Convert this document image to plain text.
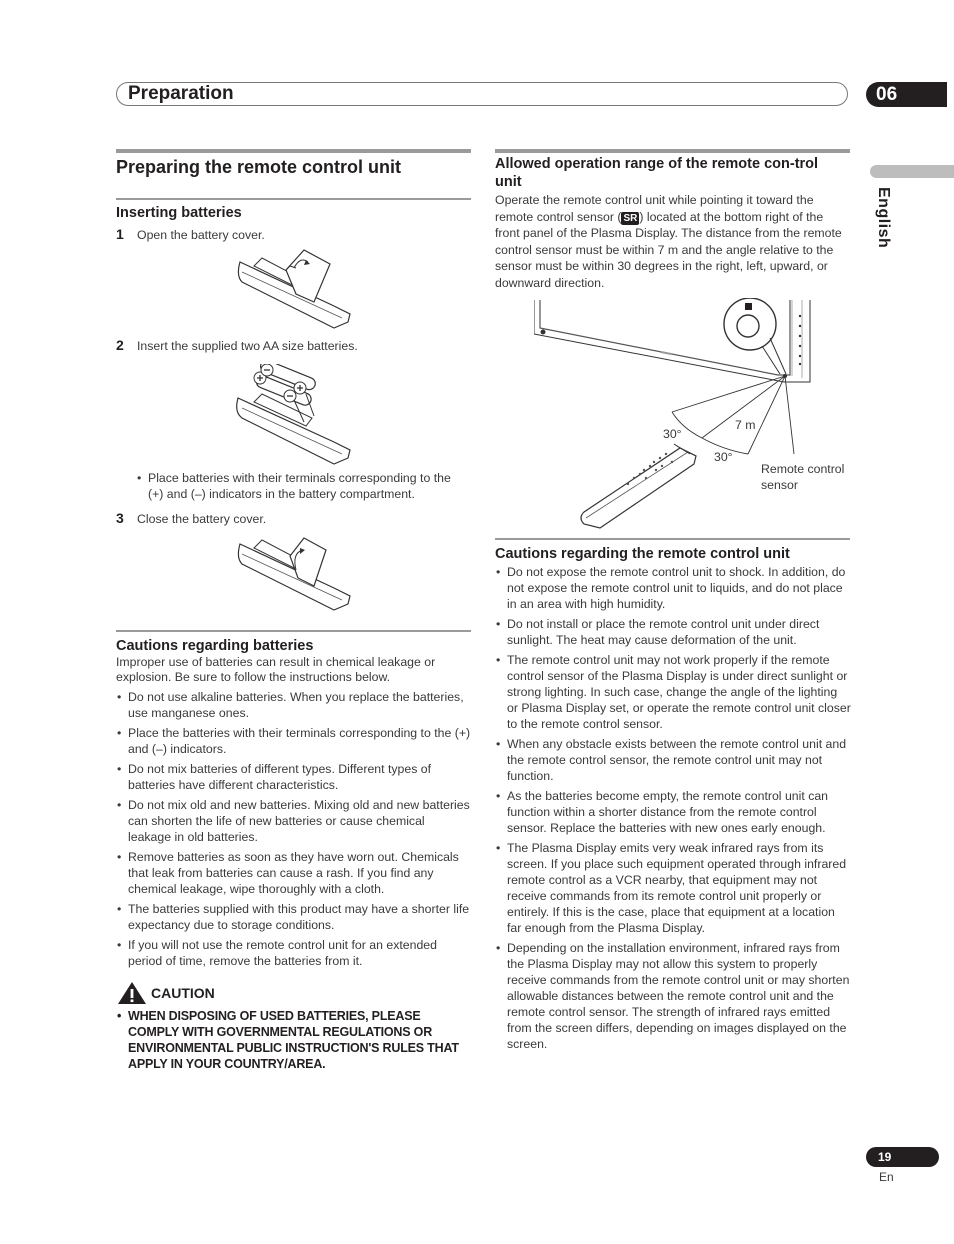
Preparation	06
English
Preparing the remote control unit
Inserting batteries
1 Open the battery cover.
2 Insert the supplied two AA size batteries.
• Place batteries with their terminals corresponding to the (+) and (–) indicators in the battery compartment.
3 Close the battery cover.
Cautions regarding batteries
Improper use of batteries can result in chemical leakage or explosion. Be sure to follow the instructions below.
• Do not use alkaline batteries. When you replace the batteries, use manganese ones.
• Place the batteries with their terminals corresponding to the (+) and (–) indicators.
• Do not mix batteries of different types. Different types of batteries have different characteristics.
• Do not mix old and new batteries. Mixing old and new batteries can shorten the life of new batteries or cause chemical leakage in old batteries.
• Remove batteries as soon as they have worn out. Chemicals that leak from batteries can cause a rash. If you find any chemical leakage, wipe thoroughly with a cloth.
• The batteries supplied with this product may have a shorter life expectancy due to storage conditions.
• If you will not use the remote control unit for an extended period of time, remove the batteries from it.
CAUTION
• WHEN DISPOSING OF USED BATTERIES, PLEASE COMPLY WITH GOVERNMENTAL REGULATIONS OR ENVIRONMENTAL PUBLIC INSTRUCTION'S RULES THAT APPLY IN YOUR COUNTRY/AREA.
Allowed operation range of the remote con-trol unit
Operate the remote control unit while pointing it toward the remote control sensor ( SR ) located at the bottom right of the front panel of the Plasma Display. The distance from the remote control sensor must be within 7 m and the angle relative to the sensor must be within 30 degrees in the right, left, upward, or downward direction.
30°
7 m
30°
Remote control sensor
Cautions regarding the remote control unit
• Do not expose the remote control unit to shock. In addition, do not expose the remote control unit to liquids, and do not place in an area with high humidity.
• Do not install or place the remote control unit under direct sunlight. The heat may cause deformation of the unit.
• The remote control unit may not work properly if the remote control sensor of the Plasma Display is under direct sunlight or strong lighting. In such case, change the angle of the lighting or Plasma Display set, or operate the remote control unit closer to the remote control sensor.
• When any obstacle exists between the remote control unit and the remote control sensor, the remote control unit may not function.
• As the batteries become empty, the remote control unit can function within a shorter distance from the remote control sensor. Replace the batteries with new ones early enough.
• The Plasma Display emits very weak infrared rays from its screen. If you place such equipment operated through infrared remote control as a VCR nearby, that equipment may not receive commands from its remote control unit properly or entirely. If this is the case, place that equipment at a location far enough from the Plasma Display.
• Depending on the installation environment, infrared rays from the Plasma Display may not allow this system to properly receive commands from the remote control unit or may shorten allowable distances between the remote control unit and the remote control sensor. The strength of infrared rays emitted from the screen differs, depending on images displayed on the screen.
19
En
